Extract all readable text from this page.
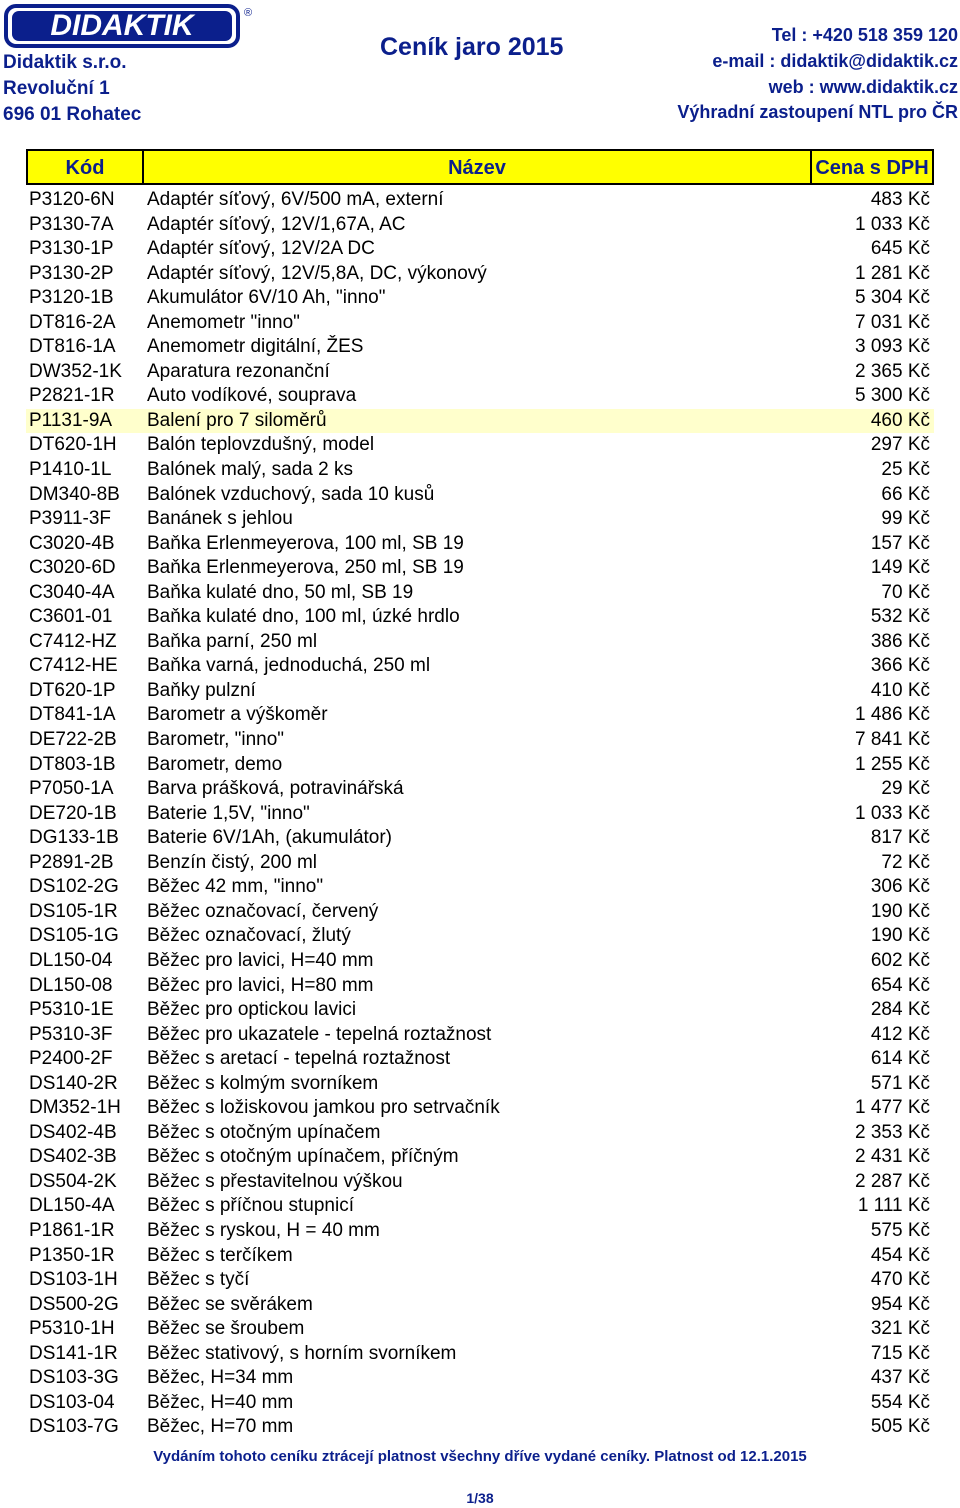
DIDAKTIK	®
Didaktik s.r.o.
Revoluční 1
696 01 Rohatec
Ceník jaro 2015	Tel : +420 518 359 120
e-mail : didaktik@didaktik.cz
web : www.didaktik.cz
Výhradní zastoupení NTL pro ČR
Kód	Název	Cena s DPH
P3120-6N Adaptér síťový, 6V/500 mA, externí	483 Kč
P3130-7A Adaptér síťový, 12V/1,67A, AC	1 033 Kč
P3130-1P Adaptér síťový, 12V/2A DC	645 Kč
P3130-2P Adaptér síťový, 12V/5,8A, DC, výkonový	1 281 Kč
P3120-1B Akumulátor 6V/10 Ah, "inno"	5 304 Kč
DT816-2A Anemometr "inno"	7 031 Kč
DT816-1A Anemometr digitální, ŽES	3 093 Kč
DW352-1K Aparatura rezonanční	2 365 Kč
P2821-1R Auto vodíkové, souprava	5 300 Kč
P1131-9A Balení pro 7 siloměrů	460 Kč
DT620-1H Balón teplovzdušný, model	297 Kč
P1410-1L Balónek malý, sada 2 ks	25 Kč
DM340-8B Balónek vzduchový, sada 10 kusů	66 Kč
P3911-3F Banánek s jehlou	99 Kč
C3020-4B Baňka Erlenmeyerova, 100 ml, SB 19	157 Kč
C3020-6D Baňka Erlenmeyerova, 250 ml, SB 19	149 Kč
C3040-4A Baňka kulaté dno, 50 ml, SB 19	70 Kč
C3601-01 Baňka kulaté dno, 100 ml, úzké hrdlo	532 Kč
C7412-HZ Baňka parní, 250 ml	386 Kč
C7412-HE Baňka varná, jednoduchá, 250 ml	366 Kč
DT620-1P Baňky pulzní	410 Kč
DT841-1A Barometr a výškoměr	1 486 Kč
DE722-2B Barometr, "inno"	7 841 Kč
DT803-1B Barometr, demo	1 255 Kč
P7050-1A Barva prášková, potravinářská	29 Kč
DE720-1B Baterie 1,5V, "inno"	1 033 Kč
DG133-1B Baterie 6V/1Ah, (akumulátor)	817 Kč
P2891-2B Benzín čistý, 200 ml	72 Kč
DS102-2G Běžec 42 mm, "inno"	306 Kč
DS105-1R Běžec označovací, červený	190 Kč
DS105-1G Běžec označovací, žlutý	190 Kč
DL150-04 Běžec pro lavici, H=40 mm	602 Kč
DL150-08 Běžec pro lavici, H=80 mm	654 Kč
P5310-1E Běžec pro optickou lavici	284 Kč
P5310-3F Běžec pro ukazatele - tepelná roztažnost	412 Kč
P2400-2F Běžec s aretací - tepelná roztažnost	614 Kč
DS140-2R Běžec s kolmým svorníkem	571 Kč
DM352-1H Běžec s ložiskovou jamkou pro setrvačník	1 477 Kč
DS402-4B Běžec s otočným upínačem	2 353 Kč
DS402-3B Běžec s otočným upínačem, příčným	2 431 Kč
DS504-2K Běžec s přestavitelnou výškou	2 287 Kč
DL150-4A Běžec s příčnou stupnicí	1 111 Kč
P1861-1R Běžec s ryskou, H = 40 mm	575 Kč
P1350-1R Běžec s terčíkem	454 Kč
DS103-1H Běžec s tyčí	470 Kč
DS500-2G Běžec se svěrákem	954 Kč
P5310-1H Běžec se šroubem	321 Kč
DS141-1R Běžec stativový, s horním svorníkem	715 Kč
DS103-3G Běžec, H=34 mm	437 Kč
DS103-04 Běžec, H=40 mm	554 Kč
DS103-7G Běžec, H=70 mm	505 Kč
Vydáním tohoto ceníku ztrácejí platnost všechny dříve vydané ceníky. Platnost od 12.1.2015
1/38
